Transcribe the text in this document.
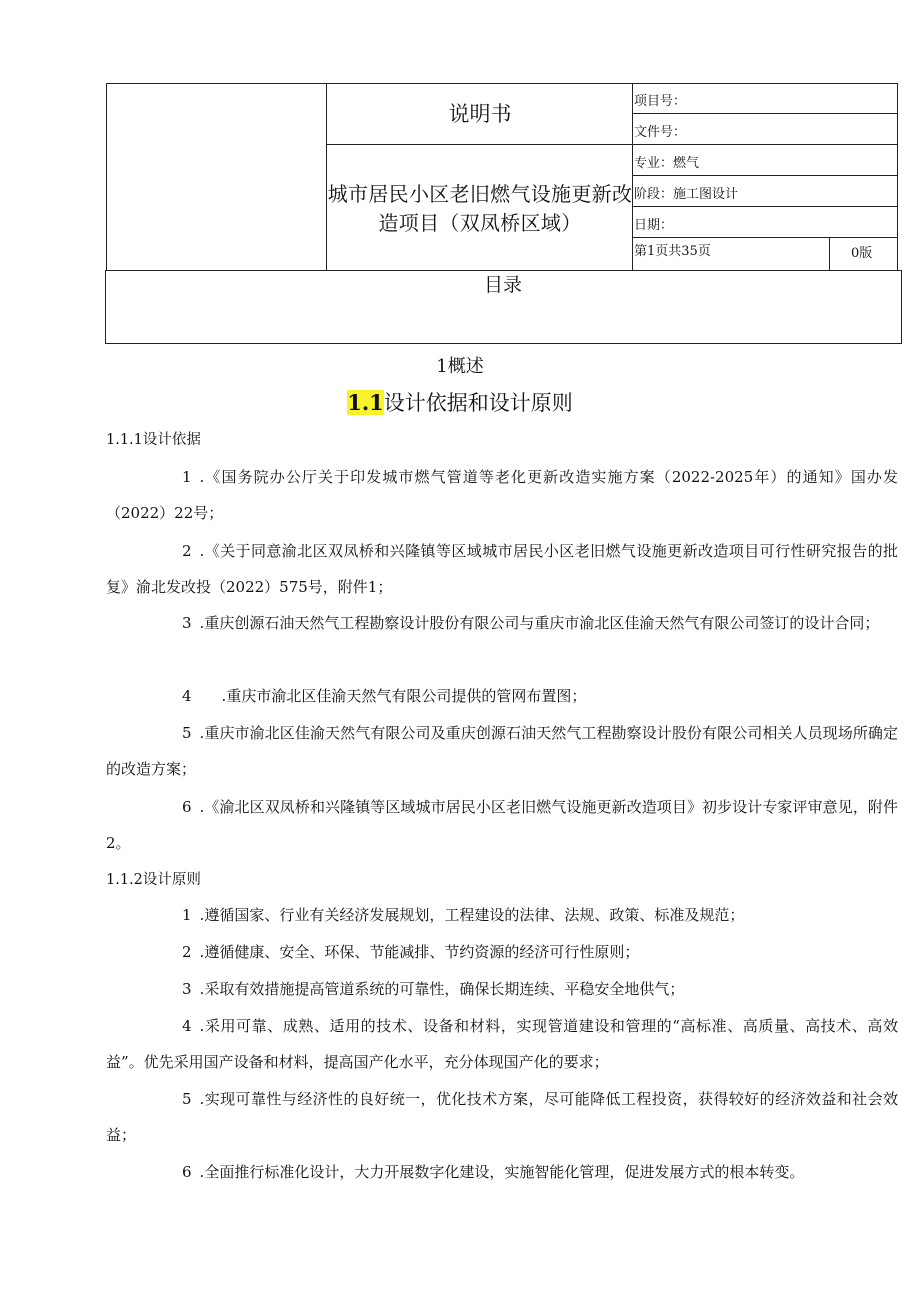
说明书
城市居民小区老旧燃气设施更新改造项目（双凤桥区域）
项目号：
文件号：
专业：燃气
阶段：施工图设计
日期：
第1页共35页	0版
目录
1概述
1.1设计依据和设计原则
1.1.1设计依据
1 .《国务院办公厅关于印发城市燃气管道等老化更新改造实施方案（2022-2025年）的通知》国办发（2022）22号；
2 .《关于同意渝北区双凤桥和兴隆镇等区域城市居民小区老旧燃气设施更新改造项目可行性研究报告的批复》渝北发改投（2022）575号，附件1；
3 .重庆创源石油天然气工程勘察设计股份有限公司与重庆市渝北区佳渝天然气有限公司签订的设计合同；
4 .重庆市渝北区佳渝天然气有限公司提供的管网布置图；
5 .重庆市渝北区佳渝天然气有限公司及重庆创源石油天然气工程勘察设计股份有限公司相关人员现场所确定的改造方案；
6 .《渝北区双凤桥和兴隆镇等区域城市居民小区老旧燃气设施更新改造项目》初步设计专家评审意见，附件2。
1.1.2设计原则
1 .遵循国家、行业有关经济发展规划，工程建设的法律、法规、政策、标准及规范；
2 .遵循健康、安全、环保、节能减排、节约资源的经济可行性原则；
3 .采取有效措施提高管道系统的可靠性，确保长期连续、平稳安全地供气；
4 .采用可靠、成熟、适用的技术、设备和材料，实现管道建设和管理的“高标准、高质量、高技术、高效益”。优先采用国产设备和材料，提高国产化水平，充分体现国产化的要求；
5 .实现可靠性与经济性的良好统一，优化技术方案，尽可能降低工程投资，获得较好的经济效益和社会效益；
6 .全面推行标准化设计，大力开展数字化建设，实施智能化管理，促进发展方式的根本转变。
